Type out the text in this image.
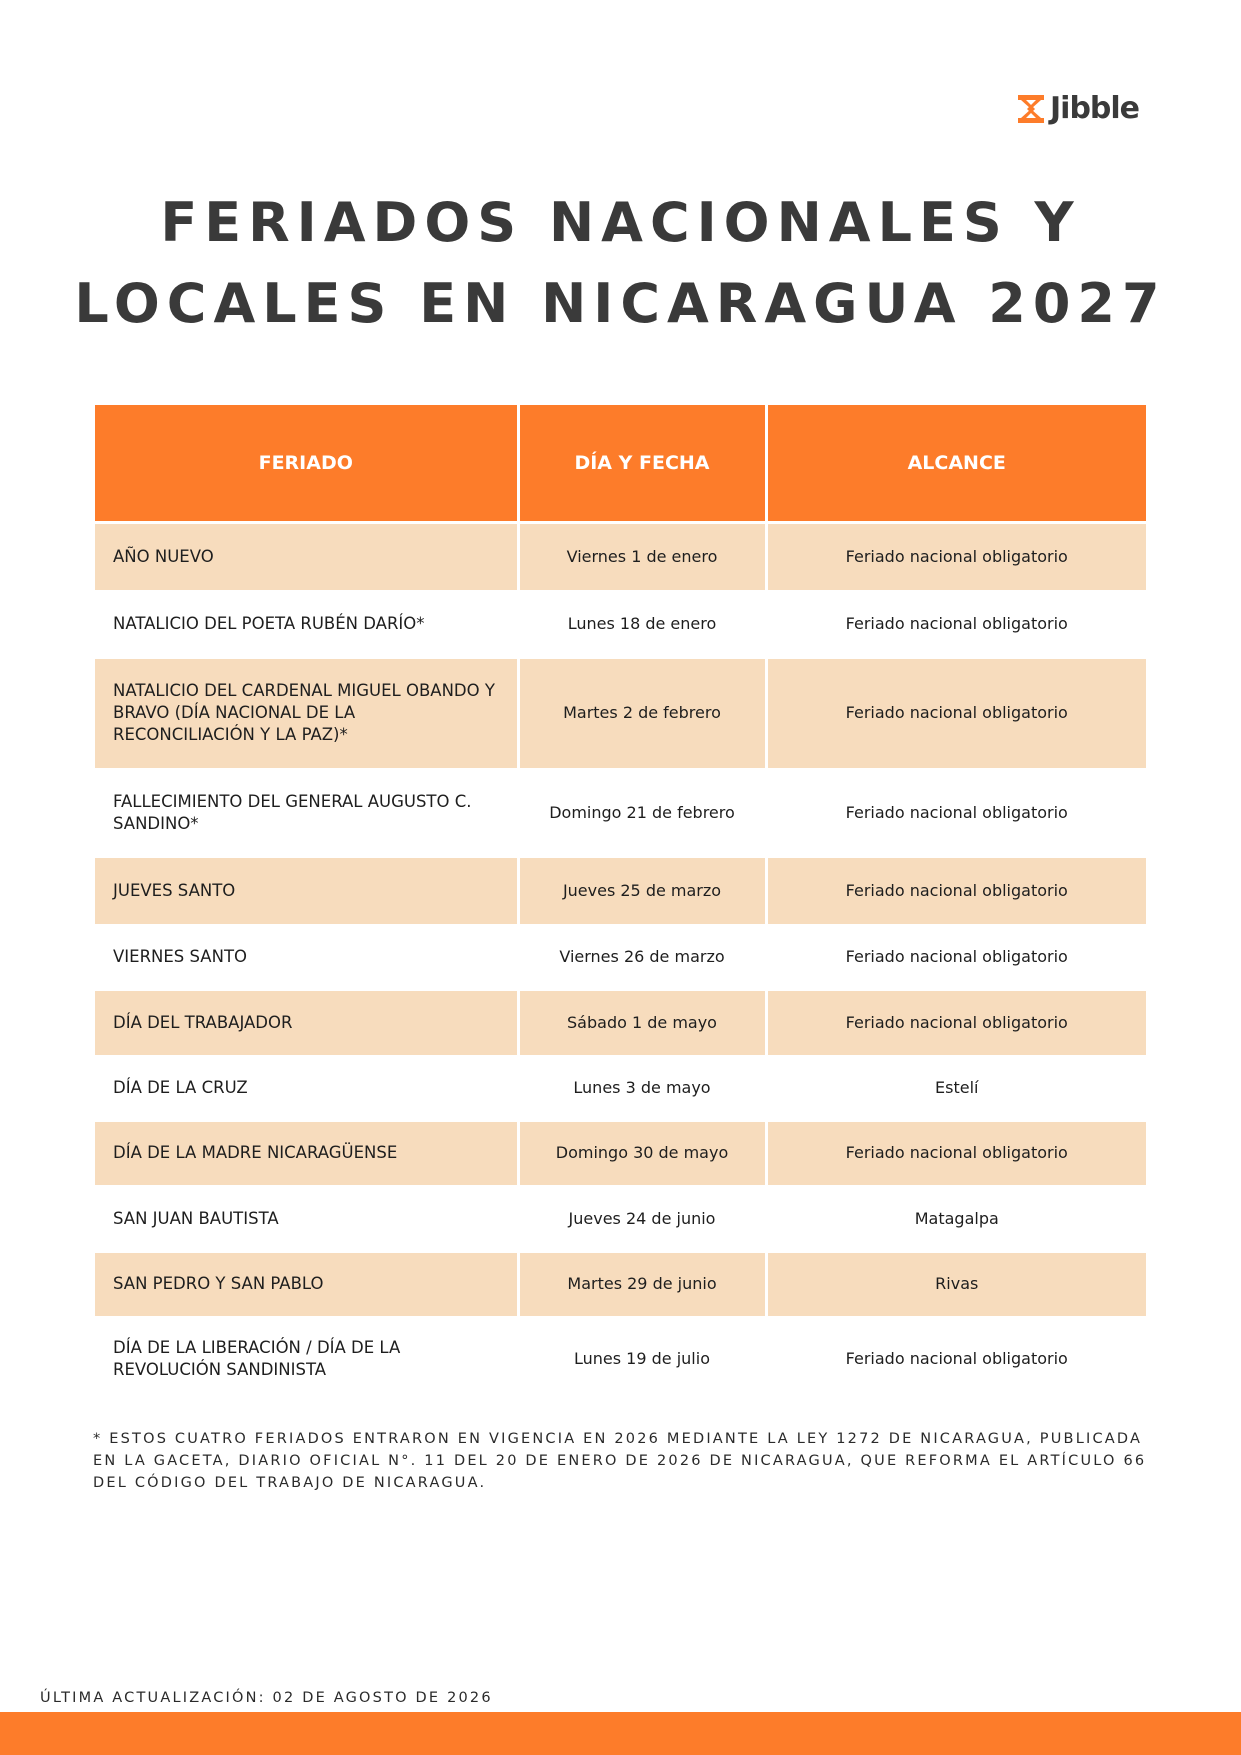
Jibble
FERIADOS NACIONALES Y
LOCALES EN NICARAGUA 2027
FERIADO	DÍA Y FECHA	ALCANCE
AÑO NUEVO	Viernes 1 de enero	Feriado nacional obligatorio
NATALICIO DEL POETA RUBÉN DARÍO*	Lunes 18 de enero	Feriado nacional obligatorio
NATALICIO DEL CARDENAL MIGUEL OBANDO Y BRAVO (DÍA NACIONAL DE LA RECONCILIACIÓN Y LA PAZ)*	Martes 2 de febrero	Feriado nacional obligatorio
FALLECIMIENTO DEL GENERAL AUGUSTO C. SANDINO*	Domingo 21 de febrero	Feriado nacional obligatorio
JUEVES SANTO	Jueves 25 de marzo	Feriado nacional obligatorio
VIERNES SANTO	Viernes 26 de marzo	Feriado nacional obligatorio
DÍA DEL TRABAJADOR	Sábado 1 de mayo	Feriado nacional obligatorio
DÍA DE LA CRUZ	Lunes 3 de mayo	Estelí
DÍA DE LA MADRE NICARAGÜENSE	Domingo 30 de mayo	Feriado nacional obligatorio
SAN JUAN BAUTISTA	Jueves 24 de junio	Matagalpa
SAN PEDRO Y SAN PABLO	Martes 29 de junio	Rivas
DÍA DE LA LIBERACIÓN / DÍA DE LA REVOLUCIÓN SANDINISTA	Lunes 19 de julio	Feriado nacional obligatorio

* ESTOS CUATRO FERIADOS ENTRARON EN VIGENCIA EN 2026 MEDIANTE LA LEY 1272 DE NICARAGUA, PUBLICADA EN LA GACETA, DIARIO OFICIAL N°. 11 DEL 20 DE ENERO DE 2026 DE NICARAGUA, QUE REFORMA EL ARTÍCULO 66 DEL CÓDIGO DEL TRABAJO DE NICARAGUA.

ÚLTIMA ACTUALIZACIÓN: 02 DE AGOSTO DE 2026
